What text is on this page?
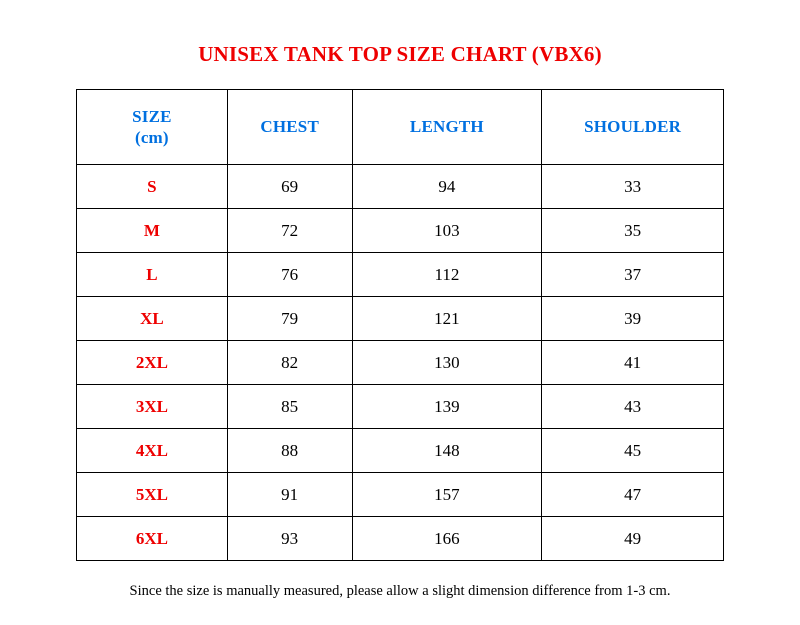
UNISEX TANK TOP SIZE CHART (VBX6)
SIZE
(cm)	CHEST	LENGTH	SHOULDER
S	69	94	33
M	72	103	35
L	76	112	37
XL	79	121	39
2XL	82	130	41
3XL	85	139	43
4XL	88	148	45
5XL	91	157	47
6XL	93	166	49
Since the size is manually measured, please allow a slight dimension difference from 1-3 cm.
